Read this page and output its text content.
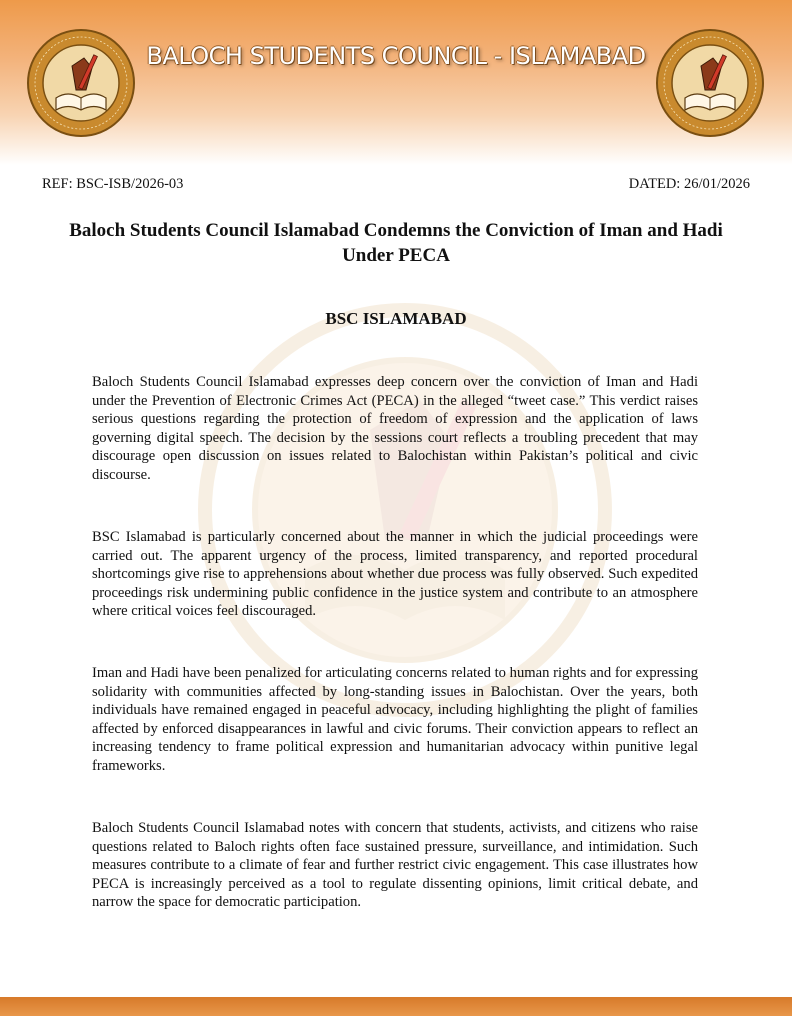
BALOCH STUDENTS COUNCIL - ISLAMABAD
REF: BSC-ISB/2026-03	DATED: 26/01/2026
Baloch Students Council Islamabad Condemns the Conviction of Iman and Hadi Under PECA
BSC ISLAMABAD

Baloch Students Council Islamabad expresses deep concern over the conviction of Iman and Hadi under the Prevention of Electronic Crimes Act (PECA) in the alleged “tweet case.” This verdict raises serious questions regarding the protection of freedom of expression and the application of laws governing digital speech. The decision by the sessions court reflects a troubling precedent that may discourage open discussion on issues related to Balochistan within Pakistan’s political and civic discourse.

BSC Islamabad is particularly concerned about the manner in which the judicial proceedings were carried out. The apparent urgency of the process, limited transparency, and reported procedural shortcomings give rise to apprehensions about whether due process was fully observed. Such expedited proceedings risk undermining public confidence in the justice system and contribute to an atmosphere where critical voices feel discouraged.

Iman and Hadi have been penalized for articulating concerns related to human rights and for expressing solidarity with communities affected by long-standing issues in Balochistan. Over the years, both individuals have remained engaged in peaceful advocacy, including highlighting the plight of families affected by enforced disappearances in lawful and civic forums. Their conviction appears to reflect an increasing tendency to frame political expression and humanitarian advocacy within punitive legal frameworks.

Baloch Students Council Islamabad notes with concern that students, activists, and citizens who raise questions related to Baloch rights often face sustained pressure, surveillance, and intimidation. Such measures contribute to a climate of fear and further restrict civic engagement. This case illustrates how PECA is increasingly perceived as a tool to regulate dissenting opinions, limit critical debate, and narrow the space for democratic participation.
